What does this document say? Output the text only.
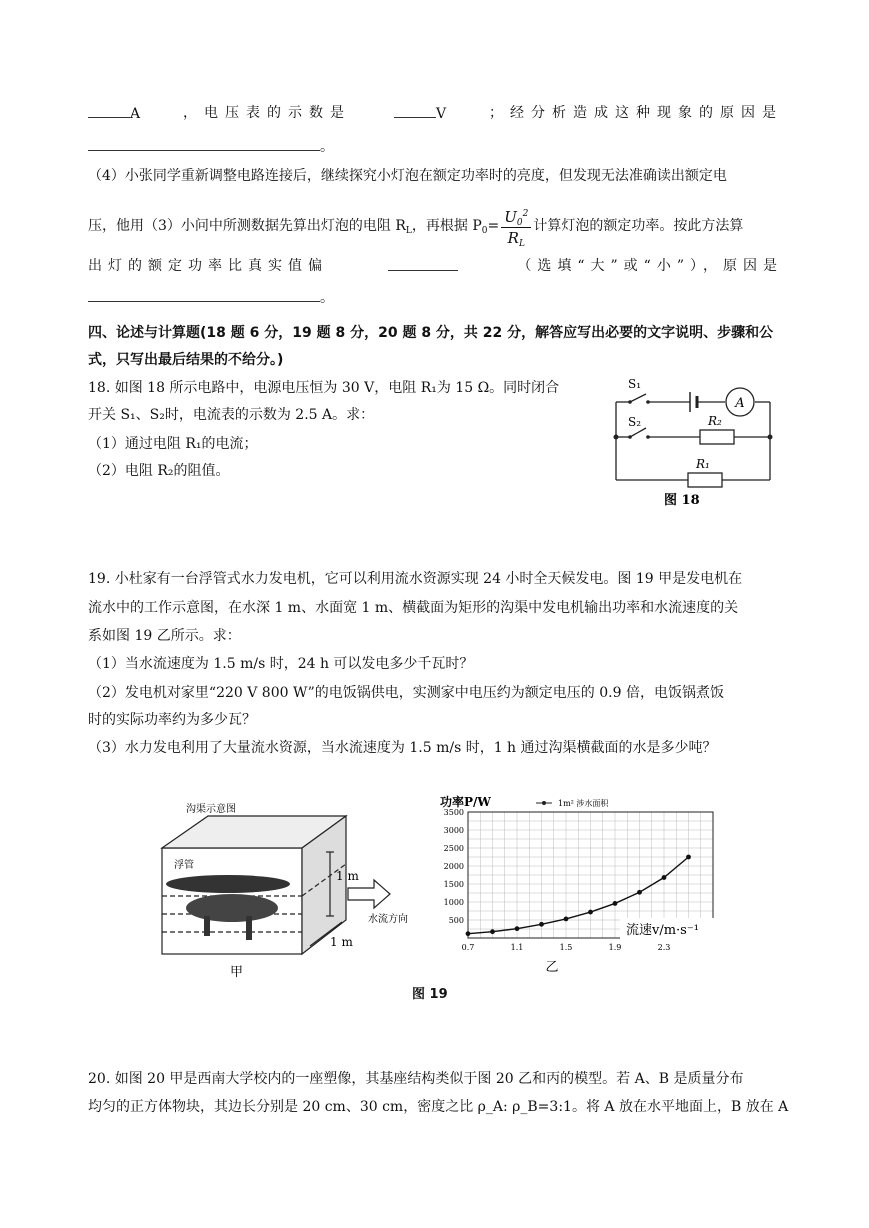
A	，电压表的示数是	V	；经分析造成这种现象的原因是
。
（4）小张同学重新调整电路连接后，继续探究小灯泡在额定功率时的亮度，但发现无法准确读出额定电
压，他用（3）小问中所测数据先算出灯泡的电阻 $R_L$，再根据 $P_0= \frac{U_0^2}{R_L}$ 计算灯泡的额定功率。按此方法算
出灯的额定功率比真实值偏	（选填“大”或“小”），原因是
。
四、论述与计算题(18 题 6 分，19 题 8 分，20 题 8 分，共 22 分，解答应写出必要的文字说明、步骤和公
式，只写出最后结果的不给分。)
18. 如图 18 所示电路中，电源电压恒为 30 V，电阻 R₁为 15 Ω。同时闭合
开关 S₁、S₂时，电流表的示数为 2.5 A。求：
（1）通过电阻 R₁的电流；
（2）电阻 R₂的阻值。
A
S₁
S₂	R₂
R₁
图 18
19. 小杜家有一台浮管式水力发电机，它可以利用流水资源实现 24 小时全天候发电。图 19 甲是发电机在
流水中的工作示意图，在水深 1 m、水面宽 1 m、横截面为矩形的沟渠中发电机输出功率和水流速度的关
系如图 19 乙所示。求：
（1）当水流速度为 1.5 m/s 时，24 h 可以发电多少千瓦时？
（2）发电机对家里“220 V 800 W”的电饭锅供电，实测家中电压约为额定电压的 0.9 倍，电饭锅煮饭
时的实际功率约为多少瓦？
（3）水力发电利用了大量流水资源，当水流速度为 1.5 m/s 时，1 h 通过沟渠横截面的水是多少吨？
沟渠示意图
浮管
1 m
1 m
水流方向
甲
功率P/W	1m² 涉水面积
乙
0.7	1.1	1.5	1.9	2.3
500
1000
1500
2000
2500
3000
3500
流速v/m·s⁻¹
图 19
20. 如图 20 甲是西南大学校内的一座塑像，其基座结构类似于图 20 乙和丙的模型。若 A、B 是质量分布
均匀的正方体物块，其边长分别是 20 cm、30 cm，密度之比 ρ_A: ρ_B=3:1。将 A 放在水平地面上，B 放在 A
